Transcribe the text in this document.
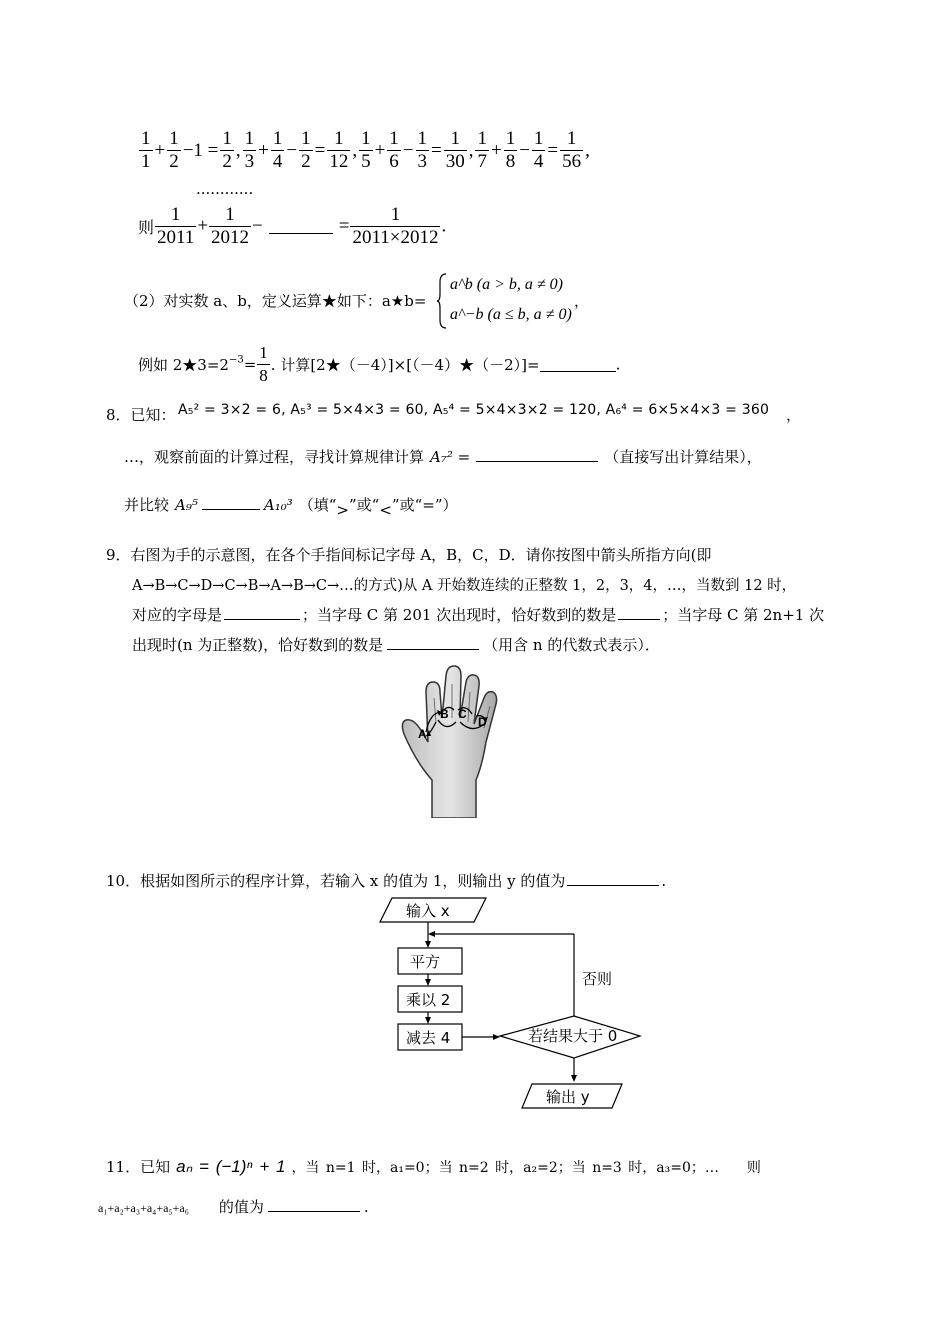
$\frac{1}{1} + \frac{1}{2} -1 = \frac{1}{2}$ , $\frac{1}{3} + \frac{1}{4} - \frac{1}{2} = \frac{1}{12}$ , $\frac{1}{5} + \frac{1}{6} - \frac{1}{3} = \frac{1}{30}$ , $\frac{1}{7} + \frac{1}{8} - \frac{1}{4} = \frac{1}{56}$ ,
............
则 $\frac{1}{2011} + \frac{1}{2012}$ −	= $\frac{1}{2011\times 2012}$ .
（2）对实数 a、b，定义运算★如下：a★b=
a^b (a > b, a ≠ 0)
a^−b (a ≤ b, a ≠ 0)
，
例如 $2★3=2^{-3}= \frac{1}{8}$ . 计算[2★（－4）]×[（－4）★（－2）]=	.
8．已知： A₅² = 3×2 = 6, A₅³ = 5×4×3 = 60, A₅⁴ = 5×4×3×2 = 120, A₆⁴ = 6×5×4×3 = 360 ，
…，观察前面的计算过程，寻找计算规律计算 A₇² =	（直接写出计算结果），
并比较 A₉⁵	A₁₀³ （填“>”或“<”或“=”）
9．右图为手的示意图，在各个手指间标记字母 A，B，C，D．请你按图中箭头所指方向(即
A→B→C→D→C→B→A→B→C→…的方式)从 A 开始数连续的正整数 1，2，3，4，…，当数到 12 时，
对应的字母是	；当字母 C 第 201 次出现时，恰好数到的数是	；当字母 C 第 2n+1 次
出现时(n 为正整数)，恰好数到的数是	（用含 n 的代数式表示）．
A
B C
D
10．根据如图所示的程序计算，若输入 x 的值为 1，则输出 y 的值为	.
输入 x
平方
乘以 2
减去 4	若结果大于 0
否则
输出 y
11．已知 aₙ = (−1)ⁿ + 1 ，当 n=1 时，a₁=0；当 n=2 时，a₂=2；当 n=3 时，a₃=0；…　　则
a₁+a₂+a₃+a₄+a₅+a₆ 的值为	.
